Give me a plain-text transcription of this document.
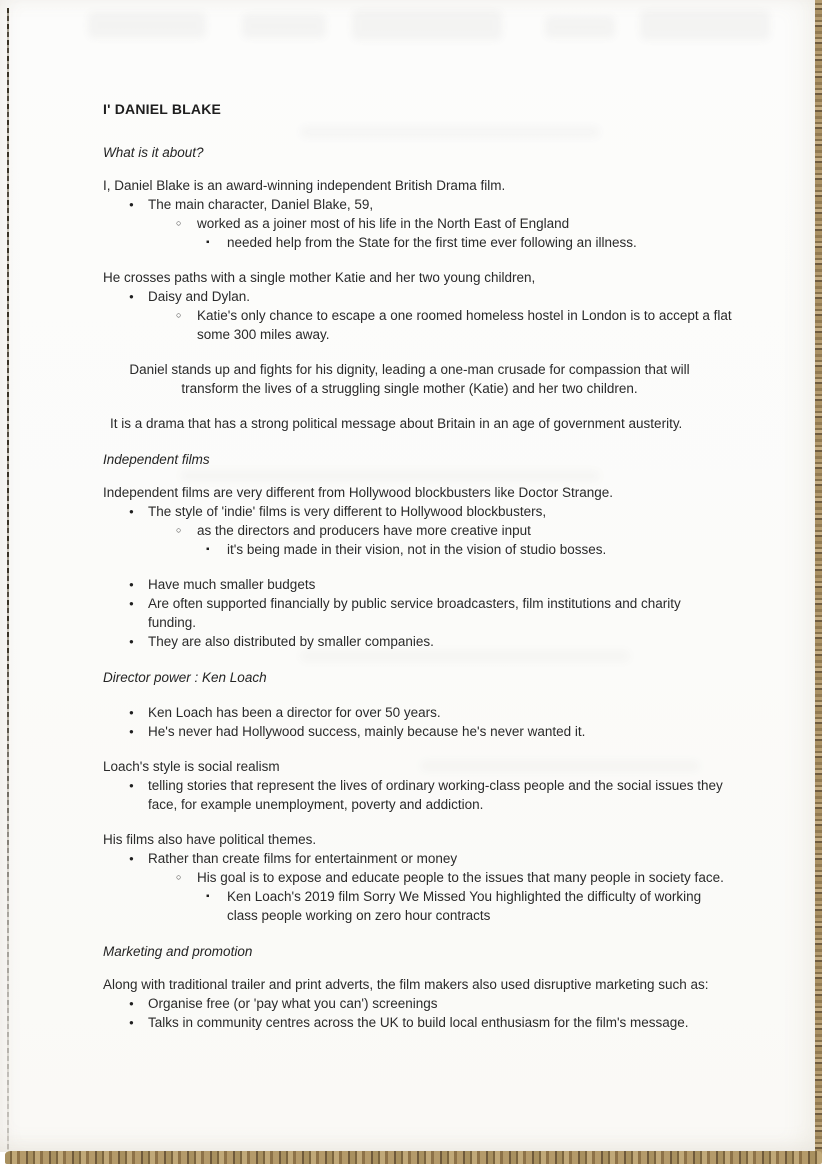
I' DANIEL BLAKE
What is it about?
I, Daniel Blake is an award-winning independent British Drama film.
● The main character, Daniel Blake, 59,
○ worked as a joiner most of his life in the North East of England
▪ needed help from the State for the first time ever following an illness.
He crosses paths with a single mother Katie and her two young children,
● Daisy and Dylan.
○ Katie's only chance to escape a one roomed homeless hostel in London is to accept a flat some 300 miles away.
Daniel stands up and fights for his dignity, leading a one-man crusade for compassion that will transform the lives of a struggling single mother (Katie) and her two children.
It is a drama that has a strong political message about Britain in an age of government austerity.
Independent films
Independent films are very different from Hollywood blockbusters like Doctor Strange.
● The style of 'indie' films is very different to Hollywood blockbusters,
○ as the directors and producers have more creative input
▪ it's being made in their vision, not in the vision of studio bosses.
● Have much smaller budgets
● Are often supported financially by public service broadcasters, film institutions and charity funding.
● They are also distributed by smaller companies.
Director power : Ken Loach
● Ken Loach has been a director for over 50 years.
● He's never had Hollywood success, mainly because he's never wanted it.
Loach's style is social realism
● telling stories that represent the lives of ordinary working-class people and the social issues they face, for example unemployment, poverty and addiction.
His films also have political themes.
● Rather than create films for entertainment or money
○ His goal is to expose and educate people to the issues that many people in society face.
▪ Ken Loach's 2019 film Sorry We Missed You highlighted the difficulty of working class people working on zero hour contracts
Marketing and promotion
Along with traditional trailer and print adverts, the film makers also used disruptive marketing such as:
● Organise free (or 'pay what you can') screenings
● Talks in community centres across the UK to build local enthusiasm for the film's message.
